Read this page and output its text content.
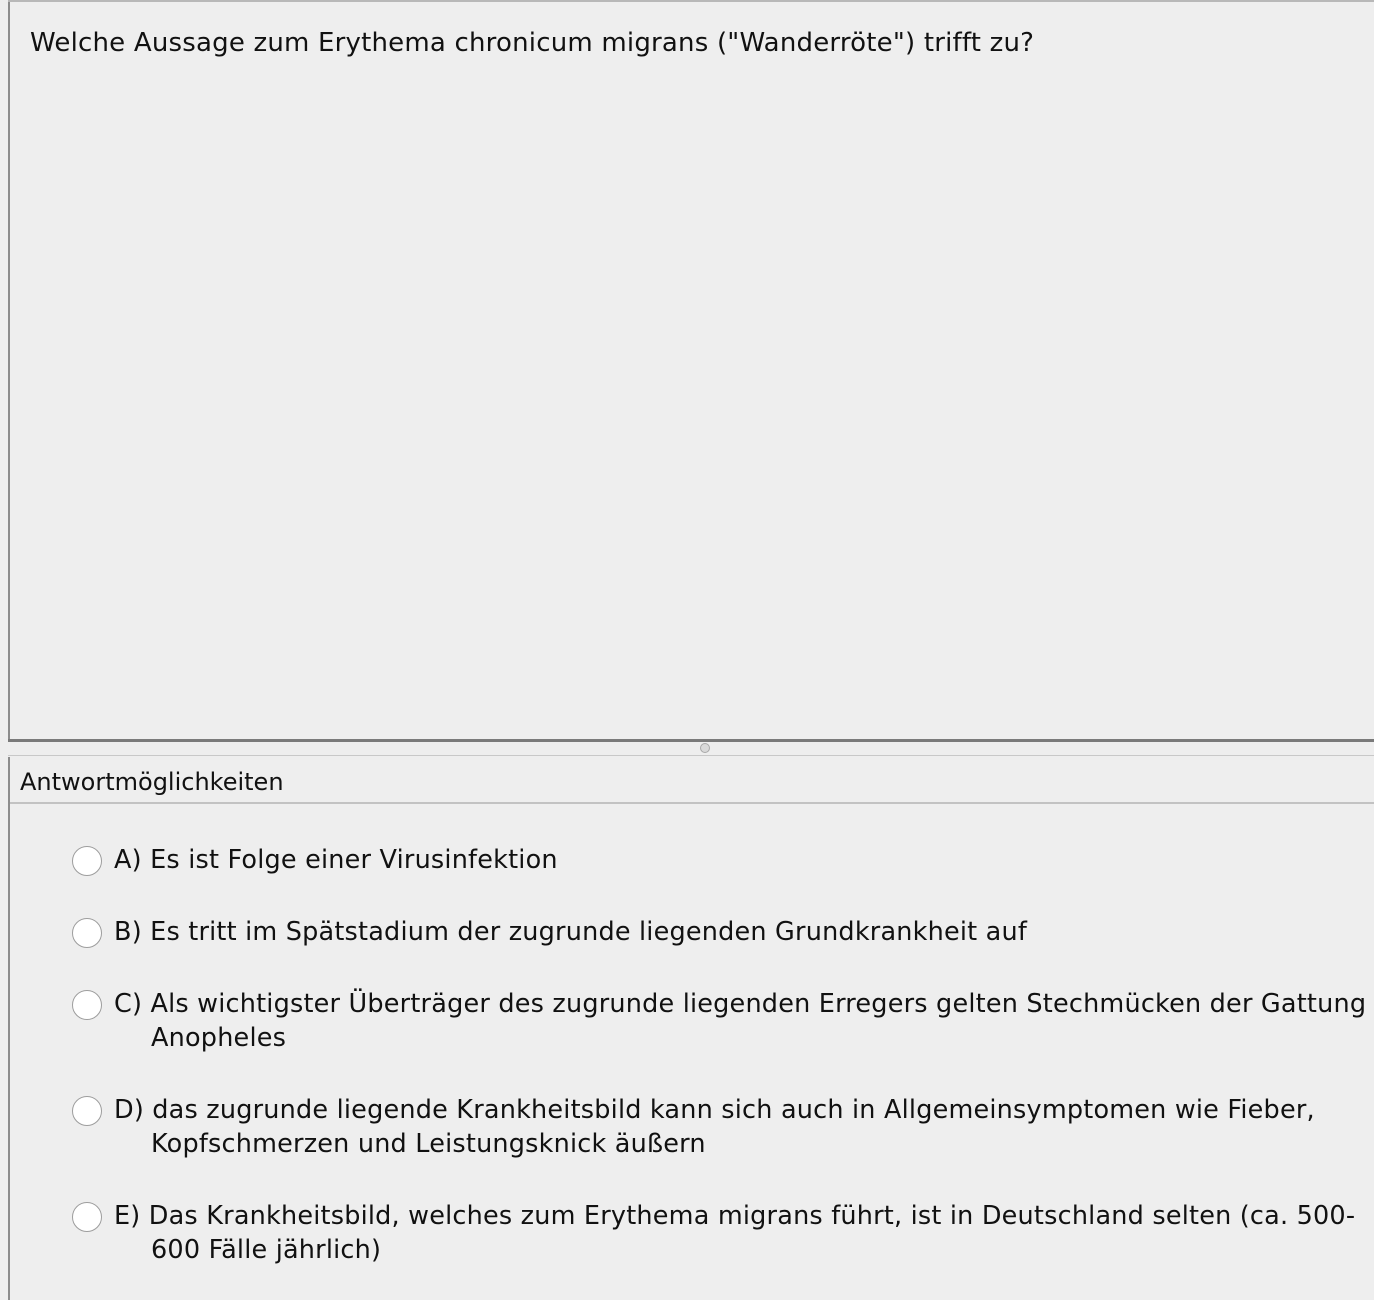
Welche Aussage zum Erythema chronicum migrans ("Wanderröte") trifft zu?
Antwortmöglichkeiten
A) Es ist Folge einer Virusinfektion
B) Es tritt im Spätstadium der zugrunde liegenden Grundkrankheit auf
C) Als wichtigster Überträger des zugrunde liegenden Erregers gelten Stechmücken der Gattung Anopheles
D) das zugrunde liegende Krankheitsbild kann sich auch in Allgemeinsymptomen wie Fieber, Kopfschmerzen und Leistungsknick äußern
E) Das Krankheitsbild, welches zum Erythema migrans führt, ist in Deutschland selten (ca. 500-600 Fälle jährlich)
